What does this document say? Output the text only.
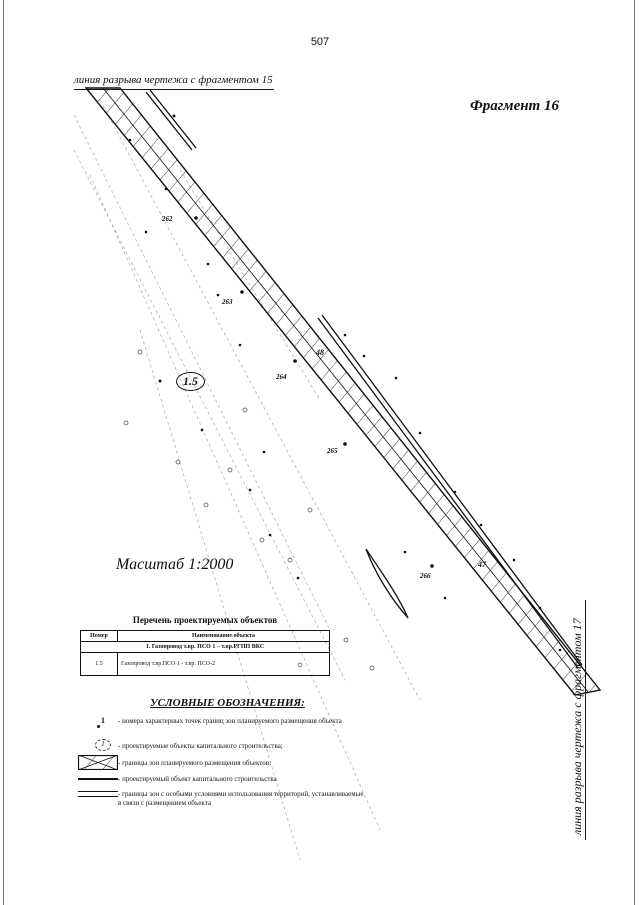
507
линия разрыва чертежа с фрагментом 15
Фрагмент 16
262
263
264
265
266
48
47
1.5
Масштаб 1:2000
линия разрыва чертежа с фрагментом 17
Перечень проектируемых объектов
Номер	Наименование объекта
1. Газопровод т.вр. ПСО 1 – т.вр.РГПП ВКС	
1.5	Газопровод т.вр.ПСО 1 - т.вр. ПСО-2
УСЛОВНЫЕ ОБОЗНАЧЕНИЯ:
1 - номера характерных точек границ зон планируемого размещения объекта
1	- проектируемые объекты капитального строительства;
- границы зон планируемого размещения объектов;
- проектируемый объект капитального строительства
- границы зон с особыми условиями использования территорий, устанавливаемые в связи с размещением объекта
